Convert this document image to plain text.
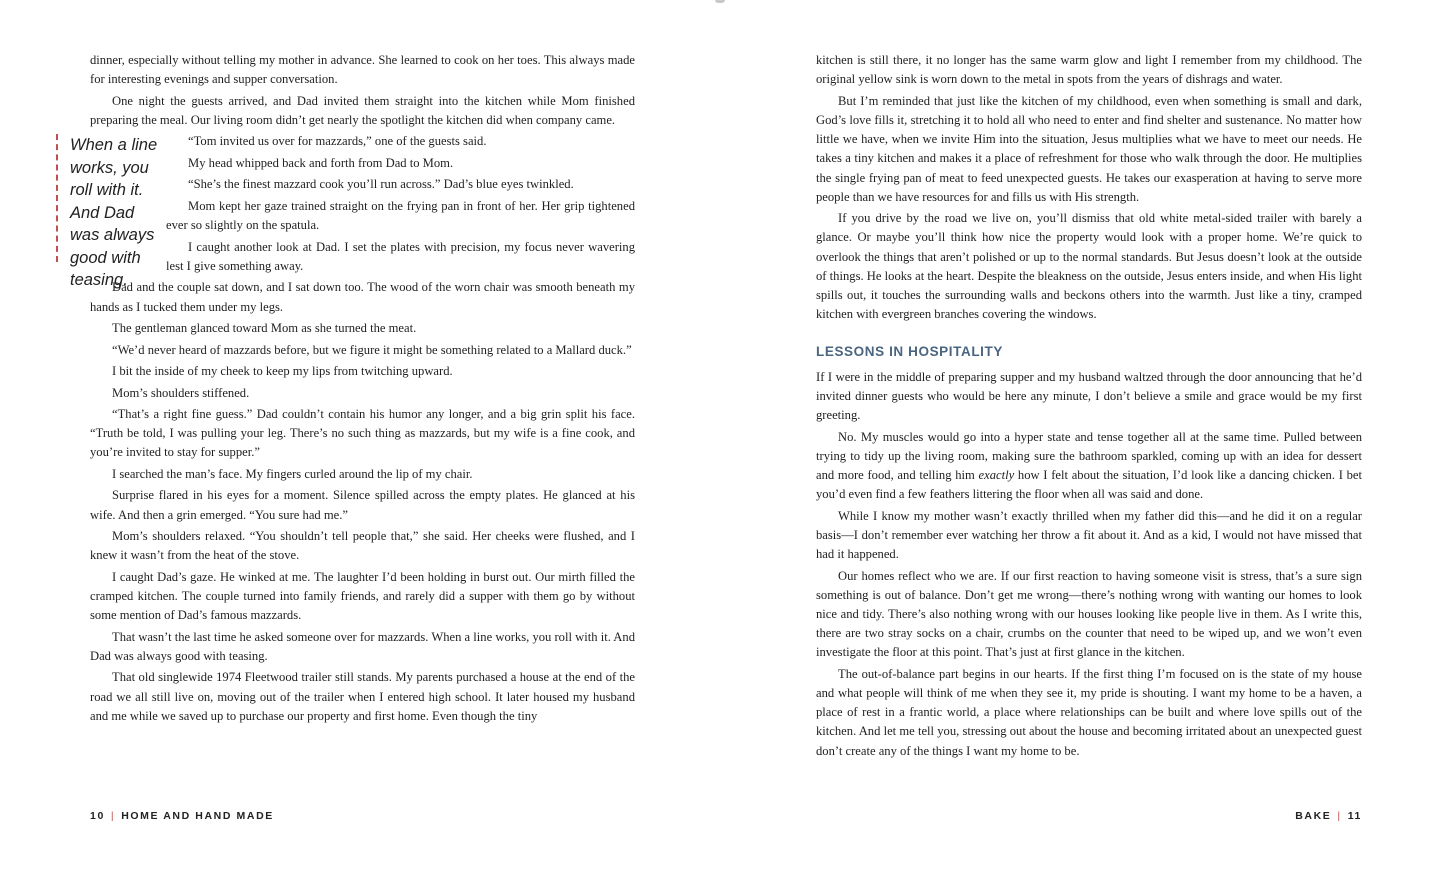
dinner, especially without telling my mother in advance. She learned to cook on her toes. This always made for interesting evenings and supper conversation.

One night the guests arrived, and Dad invited them straight into the kitchen while Mom finished preparing the meal. Our living room didn’t get nearly the spotlight the kitchen did when company came.

When a line works, you roll with it. And Dad was always good with teasing.

“Tom invited us over for mazzards,” one of the guests said.

My head whipped back and forth from Dad to Mom.

“She’s the finest mazzard cook you’ll run across.” Dad’s blue eyes twinkled.

Mom kept her gaze trained straight on the frying pan in front of her. Her grip tightened ever so slightly on the spatula.

I caught another look at Dad. I set the plates with precision, my focus never wavering lest I give something away.

Dad and the couple sat down, and I sat down too. The wood of the worn chair was smooth beneath my hands as I tucked them under my legs.

The gentleman glanced toward Mom as she turned the meat.

“We’d never heard of mazzards before, but we figure it might be something related to a Mallard duck.”

I bit the inside of my cheek to keep my lips from twitching upward.

Mom’s shoulders stiffened.

“That’s a right fine guess.” Dad couldn’t contain his humor any longer, and a big grin split his face. “Truth be told, I was pulling your leg. There’s no such thing as mazzards, but my wife is a fine cook, and you’re invited to stay for supper.”

I searched the man’s face. My fingers curled around the lip of my chair.

Surprise flared in his eyes for a moment. Silence spilled across the empty plates. He glanced at his wife. And then a grin emerged. “You sure had me.”

Mom’s shoulders relaxed. “You shouldn’t tell people that,” she said. Her cheeks were flushed, and I knew it wasn’t from the heat of the stove.

I caught Dad’s gaze. He winked at me. The laughter I’d been holding in burst out. Our mirth filled the cramped kitchen. The couple turned into family friends, and rarely did a supper with them go by without some mention of Dad’s famous mazzards.

That wasn’t the last time he asked someone over for mazzards. When a line works, you roll with it. And Dad was always good with teasing.

That old singlewide 1974 Fleetwood trailer still stands. My parents purchased a house at the end of the road we all still live on, moving out of the trailer when I entered high school. It later housed my husband and me while we saved up to purchase our property and first home. Even though the tiny

10 | HOME AND HAND MADE

kitchen is still there, it no longer has the same warm glow and light I remember from my childhood. The original yellow sink is worn down to the metal in spots from the years of dishrags and water.

But I’m reminded that just like the kitchen of my childhood, even when something is small and dark, God’s love fills it, stretching it to hold all who need to enter and find shelter and sustenance. No matter how little we have, when we invite Him into the situation, Jesus multiplies what we have to meet our needs. He takes a tiny kitchen and makes it a place of refreshment for those who walk through the door. He multiplies the single frying pan of meat to feed unexpected guests. He takes our exasperation at having to serve more people than we have resources for and fills us with His strength.

If you drive by the road we live on, you’ll dismiss that old white metal-sided trailer with barely a glance. Or maybe you’ll think how nice the property would look with a proper home. We’re quick to overlook the things that aren’t polished or up to the normal standards. But Jesus doesn’t look at the outside of things. He looks at the heart. Despite the bleakness on the outside, Jesus enters inside, and when His light spills out, it touches the surrounding walls and beckons others into the warmth. Just like a tiny, cramped kitchen with evergreen branches covering the windows.

LESSONS IN HOSPITALITY

If I were in the middle of preparing supper and my husband waltzed through the door announcing that he’d invited dinner guests who would be here any minute, I don’t believe a smile and grace would be my first greeting.

No. My muscles would go into a hyper state and tense together all at the same time. Pulled between trying to tidy up the living room, making sure the bathroom sparkled, coming up with an idea for dessert and more food, and telling him exactly how I felt about the situation, I’d look like a dancing chicken. I bet you’d even find a few feathers littering the floor when all was said and done.

While I know my mother wasn’t exactly thrilled when my father did this—and he did it on a regular basis—I don’t remember ever watching her throw a fit about it. And as a kid, I would not have missed that had it happened.

Our homes reflect who we are. If our first reaction to having someone visit is stress, that’s a sure sign something is out of balance. Don’t get me wrong—there’s nothing wrong with wanting our homes to look nice and tidy. There’s also nothing wrong with our houses looking like people live in them. As I write this, there are two stray socks on a chair, crumbs on the counter that need to be wiped up, and we won’t even investigate the floor at this point. That’s just at first glance in the kitchen.

The out-of-balance part begins in our hearts. If the first thing I’m focused on is the state of my house and what people will think of me when they see it, my pride is shouting. I want my home to be a haven, a place of rest in a frantic world, a place where relationships can be built and where love spills out of the kitchen. And let me tell you, stressing out about the house and becoming irritated about an unexpected guest don’t create any of the things I want my home to be.

BAKE | 11
